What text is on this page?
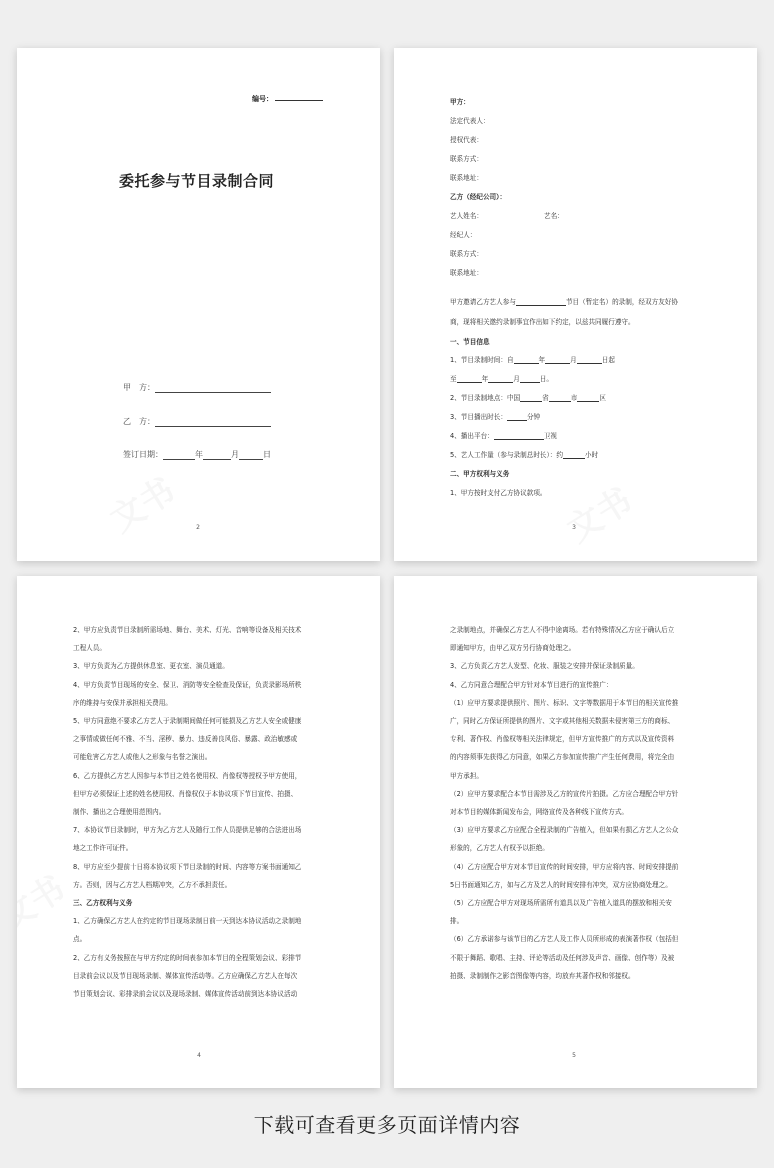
编号：
委托参与节目录制合同
甲　方：
乙　方：
签订日期：	年	月	日
2
甲方：
法定代表人：
授权代表：
联系方式：
联系地址：
乙方（经纪公司）：
艺人姓名：	艺名：
经纪人：
联系方式：
联系地址：
甲方邀请乙方艺人参与	节目（暂定名）的录制，经双方友好协
商，现将相关邀约录制事宜作出如下约定，以兹共同履行遵守。
一、节目信息
1、节目录制时间：自	年	月	日起
至	年	月	日。
2、节目录制地点：中国	省	市	区
3、节目播出时长：	分钟
4、播出平台：	卫视
5、艺人工作量（参与录制总时长）：约	小时
二、甲方权利与义务
1、甲方按时支付乙方协议款项。
3
2、甲方应负责节目录制所需场地、舞台、美术、灯光、音响等设备及相关技术
工程人员。
3、甲方负责为乙方提供休息室、更衣室、演员通道。
4、甲方负责节目现场的安全、保卫、消防等安全检查及保证，负责录影场所秩
序的维持与安保并承担相关费用。
5、甲方同意绝不要求乙方艺人于录制期间做任何可能损及乙方艺人安全或健康
之事情或做任何不雅、不当、淫秽、暴力、违反善良风俗、暴露、政治敏感或
可能危害乙方艺人或他人之形象与名誉之演出。
6、乙方提供乙方艺人因参与本节目之姓名使用权、肖像权等授权予甲方使用，
但甲方必须保证上述的姓名使用权、肖像权仅于本协议项下节目宣传、拍摄、
制作、播出之合理使用范围内。
7、本协议节目录制时，甲方为乙方艺人及随行工作人员提供足够的合法进出场
地之工作许可证件。
8、甲方应至少提前十日将本协议项下节目录制的时间、内容等方案书面通知乙
方。否则，因与乙方艺人档期冲突，乙方不承担责任。
三、乙方权利与义务
1、乙方确保乙方艺人在约定的节目现场录制日前一天到达本协议活动之录制地
点。
2、乙方有义务按照在与甲方约定的时间表参加本节目的全程策划会议、彩排节
目录前会议以及节目现场录制、媒体宣传活动等。乙方应确保乙方艺人在每次
节目策划会议、彩排录前会议以及现场录制、媒体宣传活动前到达本协议活动
4
之录制地点，并确保乙方艺人不得中途离场。若有特殊情况乙方应于确认后立
即通知甲方，由甲乙双方另行协商处理之。
3、乙方负责乙方艺人发型、化妆、服装之安排并保证录制质量。
4、乙方同意合理配合甲方针对本节目进行的宣传推广：
（1）应甲方要求提供照片、图片、标识、文字等数据用于本节目的相关宣传推
广，同时乙方保证所提供的图片、文字或其他相关数据未侵害第三方的商标、
专利、著作权、肖像权等相关法律规定，但甲方宣传推广的方式以及宣传资料
的内容须事先获得乙方同意，如果乙方参加宣传推广产生任何费用，将完全由
甲方承担。
（2）应甲方要求配合本节目需涉及乙方的宣传片拍摄。乙方应合理配合甲方针
对本节目的媒体新闻发布会，网络宣传及各种线下宣传方式。
（3）应甲方要求乙方应配合全程录制的广告植入，但如果有损乙方艺人之公众
形象的，乙方艺人有权予以拒绝。
（4）乙方应配合甲方对本节目宣传的时间安排，甲方应将内容、时间安排提前
5日书面通知乙方，如与乙方及艺人的时间安排有冲突，双方应协商处理之。
（5）乙方应配合甲方对现场所需所有道具以及广告植入道具的摆放和相关安
排。
（6）乙方承诺参与该节目的乙方艺人及工作人员所形成的表演著作权（包括但
不限于舞蹈、歌唱、主持、评论等活动及任何涉及声音、画像、创作等）及被
拍摄、录制制作之影音图像等内容，均放弃其著作权和邻接权。
5
下载可查看更多页面详情内容
